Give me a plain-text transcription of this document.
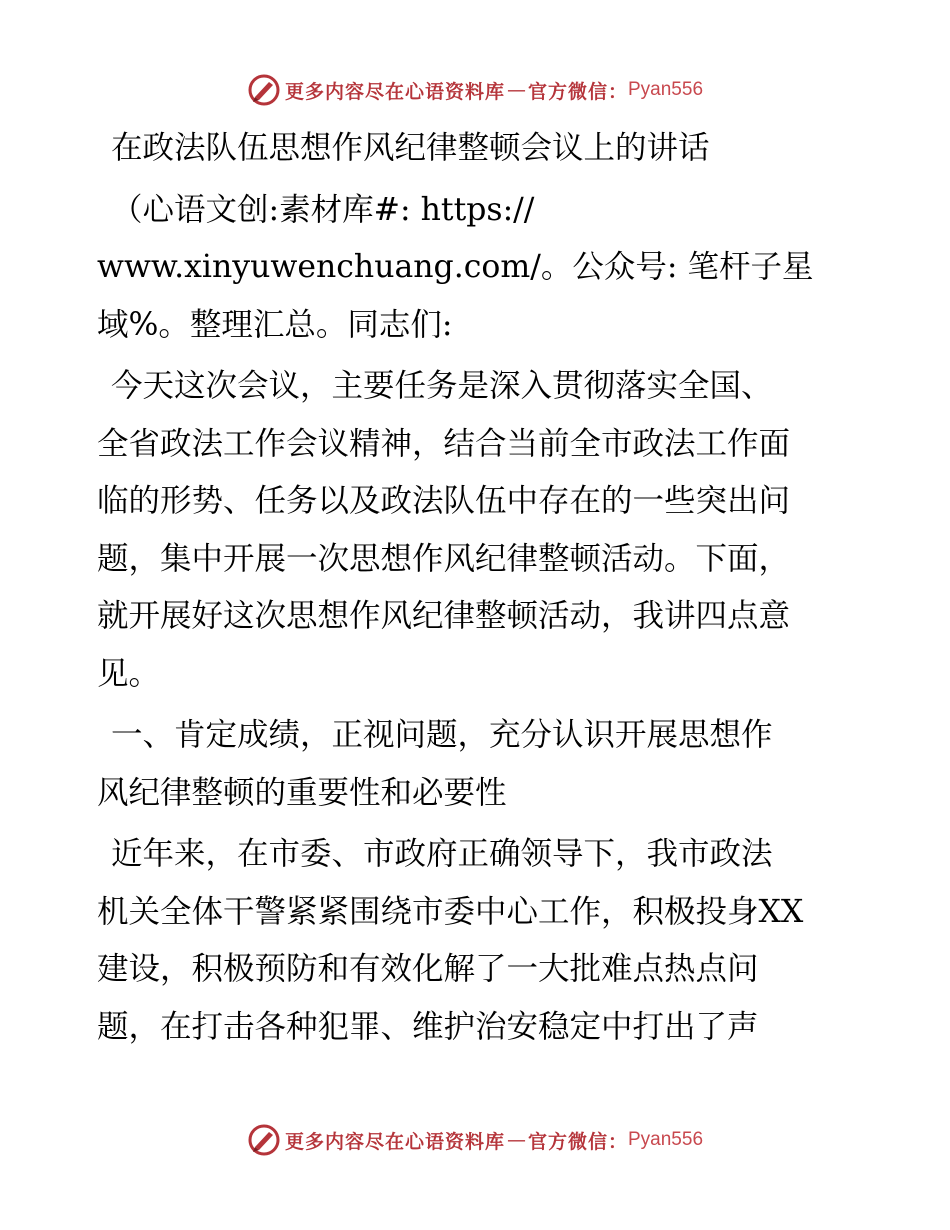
更多内容尽在心语资料库 — 官方微信： Pyan556

在政法队伍思想作风纪律整顿会议上的讲话

（心语文创:素材库#: https://

www.xinyuwenchuang.com/。公众号: 笔杆子星

域%。整理汇总。同志们:

今天这次会议，主要任务是深入贯彻落实全国、

全省政法工作会议精神，结合当前全市政法工作面

临的形势、任务以及政法队伍中存在的一些突出问

题，集中开展一次思想作风纪律整顿活动。下面，

就开展好这次思想作风纪律整顿活动，我讲四点意

见。

一、肯定成绩，正视问题，充分认识开展思想作

风纪律整顿的重要性和必要性

近年来，在市委、市政府正确领导下，我市政法

机关全体干警紧紧围绕市委中心工作，积极投身XX

建设，积极预防和有效化解了一大批难点热点问

题，在打击各种犯罪、维护治安稳定中打出了声

更多内容尽在心语资料库 — 官方微信： Pyan556
